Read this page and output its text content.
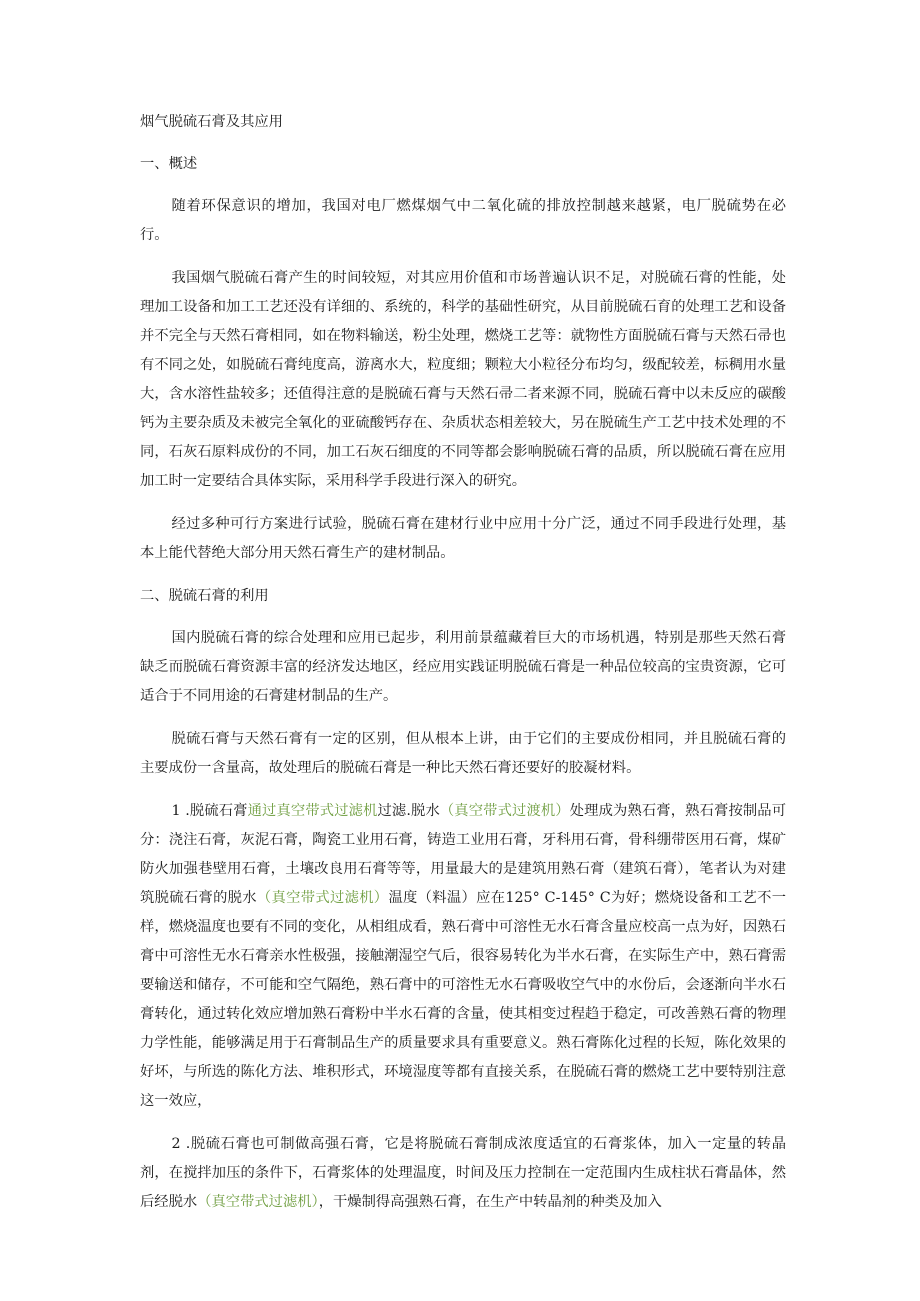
烟气脱硫石膏及其应用

一、概述

随着环保意识的增加，我国对电厂燃煤烟气中二氧化硫的排放控制越来越紧，电厂脱硫势在必行。

我国烟气脱硫石膏产生的时间较短，对其应用价值和市场普遍认识不足，对脱硫石膏的性能，处理加工设备和加工工艺还没有详细的、系统的，科学的基础性研究，从目前脱硫石育的处理工艺和设备并不完全与天然石膏相同，如在物料输送，粉尘处理，燃烧工艺等：就物性方面脱硫石膏与天然石帚也有不同之处，如脱硫石膏纯度高，游离水大，粒度细；颗粒大小粒径分布均匀，级配较差，标稠用水量大，含水溶性盐较多；还值得注意的是脱硫石膏与天然石帚二者来源不同，脱硫石膏中以未反应的碳酸钙为主要杂质及未被完全氧化的亚硫酸钙存在、杂质状态相差较大，另在脱硫生产工艺中技术处理的不同，石灰石原料成份的不同，加工石灰石细度的不同等都会影响脱硫石膏的品质，所以脱硫石膏在应用加工时一定要结合具体实际，采用科学手段进行深入的研究。

经过多种可行方案进行试验，脱硫石膏在建材行业中应用十分广泛，通过不同手段进行处理，基本上能代替绝大部分用天然石膏生产的建材制品。

二、脱硫石膏的利用

国内脱硫石膏的综合处理和应用已起步，利用前景蕴藏着巨大的市场机遇，特别是那些天然石膏缺乏而脱硫石膏资源丰富的经济发达地区，经应用实践证明脱硫石膏是一种品位较高的宝贵资源，它可适合于不同用途的石膏建材制品的生产。

脱硫石膏与天然石膏有一定的区别，但从根本上讲，由于它们的主要成份相同，并且脱硫石膏的主要成份一含量高，故处理后的脱硫石膏是一种比天然石膏还要好的胶凝材料。

1 .脱硫石膏通过真空带式过滤机过滤.脱水（真空带式过渡机）处理成为熟石膏，熟石膏按制品可分：浇注石膏，灰泥石膏，陶瓷工业用石膏，铸造工业用石膏，牙科用石膏，骨科绷带医用石膏，煤矿防火加强巷壁用石膏，土壤改良用石膏等等，用量最大的是建筑用熟石膏（建筑石膏），笔者认为对建筑脱硫石膏的脱水（真空带式过滤机）温度（料温）应在125° C-145° C为好；燃烧设备和工艺不一样，燃烧温度也要有不同的变化，从相组成看，熟石膏中可溶性无水石膏含量应校高一点为好，因熟石膏中可溶性无水石膏亲水性极强，接触潮湿空气后，很容易转化为半水石膏，在实际生产中，熟石膏需要输送和储存，不可能和空气隔绝，熟石膏中的可溶性无水石膏吸收空气中的水份后，会逐渐向半水石膏转化，通过转化效应增加熟石膏粉中半水石膏的含量，使其相变过程趋于稳定，可改善熟石膏的物理力学性能，能够满足用于石膏制品生产的质量要求具有重要意义。熟石膏陈化过程的长短，陈化效果的好坏，与所选的陈化方法、堆积形式，环境湿度等都有直接关系，在脱硫石膏的燃烧工艺中要特别注意这一效应，

2 .脱硫石膏也可制做高强石膏，它是将脱硫石膏制成浓度适宜的石膏浆体，加入一定量的转晶剂，在搅拌加压的条件下，石膏浆体的处理温度，时间及压力控制在一定范围内生成柱状石膏晶体，然后经脱水（真空带式过滤机），干燥制得高强熟石膏，在生产中转晶剂的种类及加入
